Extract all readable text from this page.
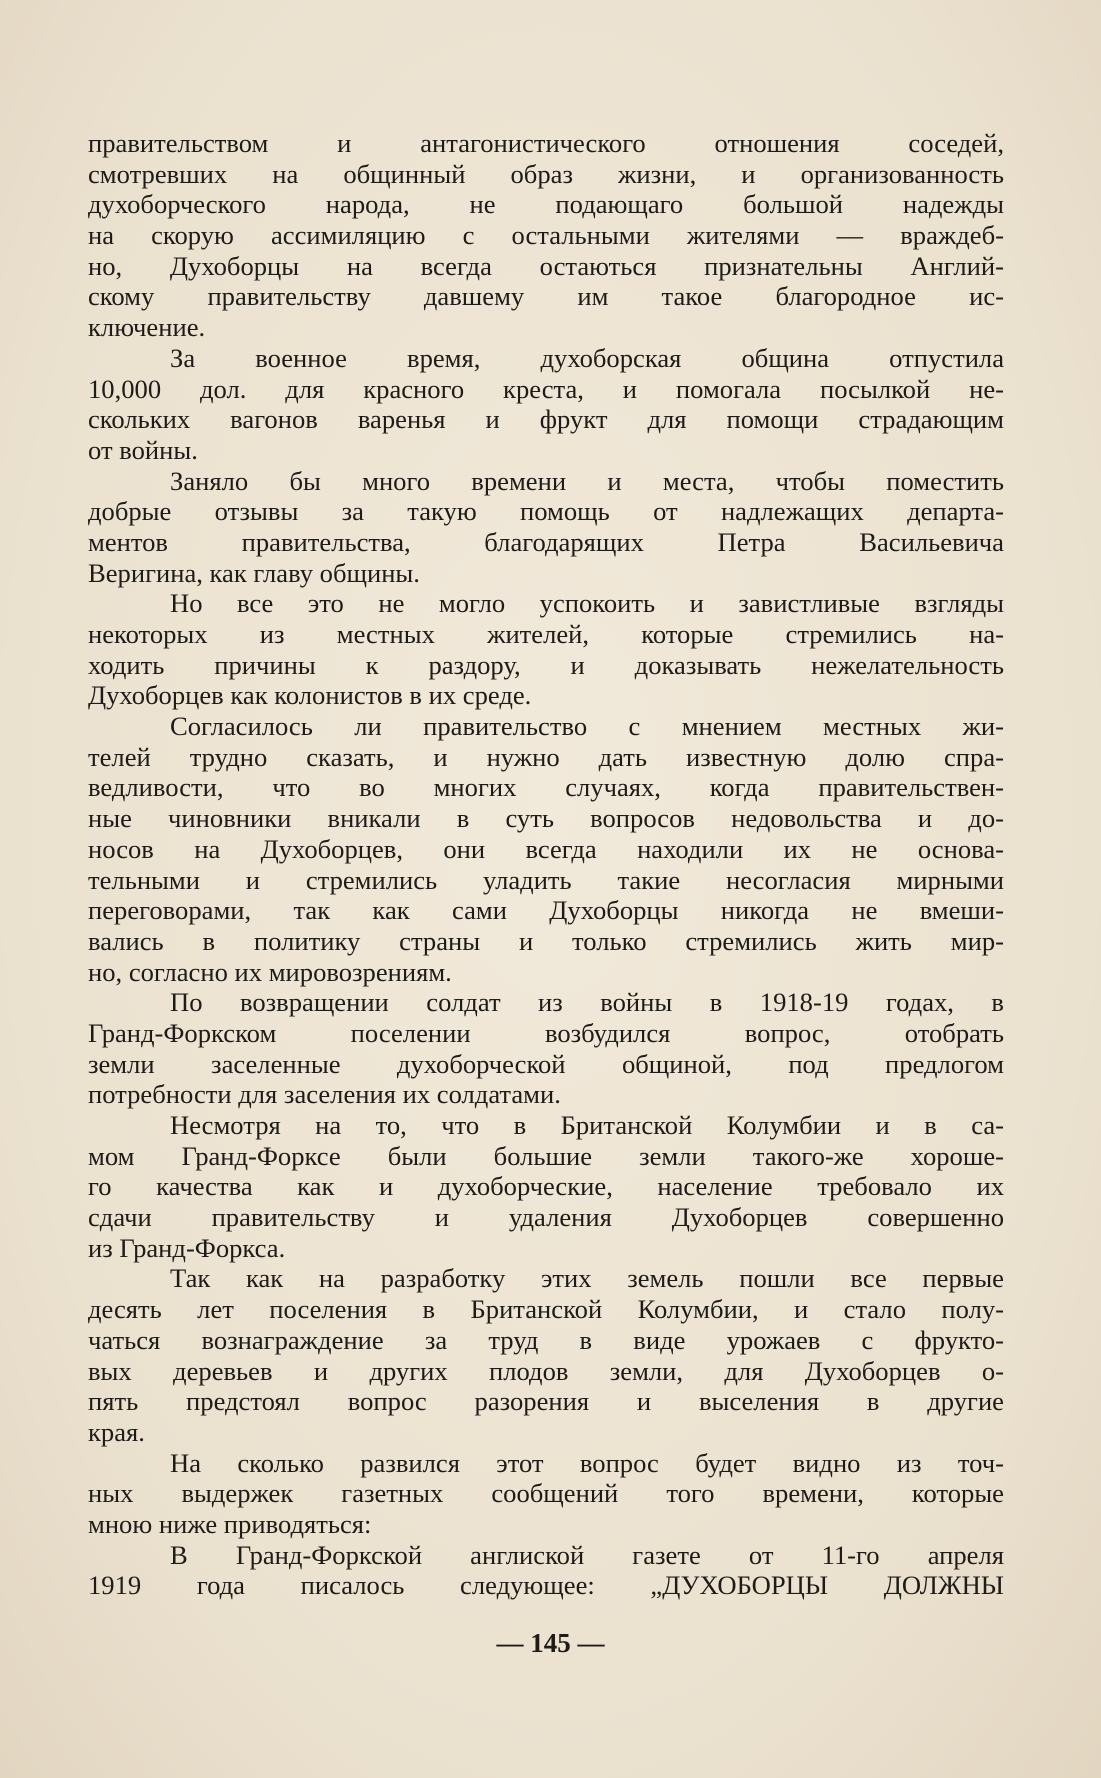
правительством и антагонистического отношения соседей,
смотревших на общинный образ жизни, и организованность
духоборческого народа, не подающаго большой надежды
на скорую ассимиляцию с остальными жителями — враждеб-
но, Духоборцы на всегда остаються признательны Англий-
скому правительству давшему им такое благородное ис-
ключение.
За военное время, духоборская община отпустила
10,000 дол. для красного креста, и помогала посылкой не-
скольких вагонов варенья и фрукт для помощи страдающим
от войны.
Заняло бы много времени и места, чтобы поместить
добрые отзывы за такую помощь от надлежащих департа-
ментов правительства, благодарящих Петра Васильевича
Веригина, как главу общины.
Но все это не могло успокоить и завистливые взгляды
некоторых из местных жителей, которые стремились на-
ходить причины к раздору, и доказывать нежелательность
Духоборцев как колонистов в их среде.
Согласилось ли правительство с мнением местных жи-
телей трудно сказать, и нужно дать известную долю спра-
ведливости, что во многих случаях, когда правительствен-
ные чиновники вникали в суть вопросов недовольства и до-
носов на Духоборцев, они всегда находили их не основа-
тельными и стремились уладить такие несогласия мирными
переговорами, так как сами Духоборцы никогда не вмеши-
вались в политику страны и только стремились жить мир-
но, согласно их мировозрениям.
По возвращении солдат из войны в 1918-19 годах, в
Гранд-Форкском поселении возбудился вопрос, отобрать
земли заселенные духоборческой общиной, под предлогом
потребности для заселения их солдатами.
Несмотря на то, что в Британской Колумбии и в са-
мом Гранд-Форксе были большие земли такого-же хороше-
го качества как и духоборческие, население требовало их
сдачи правительству и удаления Духоборцев совершенно
из Гранд-Форкса.
Так как на разработку этих земель пошли все первые
десять лет поселения в Британской Колумбии, и стало полу-
чаться вознаграждение за труд в виде урожаев с фрукто-
вых деревьев и других плодов земли, для Духоборцев о-
пять предстоял вопрос разорения и выселения в другие
края.
На сколько развился этот вопрос будет видно из точ-
ных выдержек газетных сообщений того времени, которые
мною ниже приводяться:
В Гранд-Форкской англиской газете от 11-го апреля
1919 года писалось следующее: „ДУХОБОРЦЫ ДОЛЖНЫ
— 145 —
